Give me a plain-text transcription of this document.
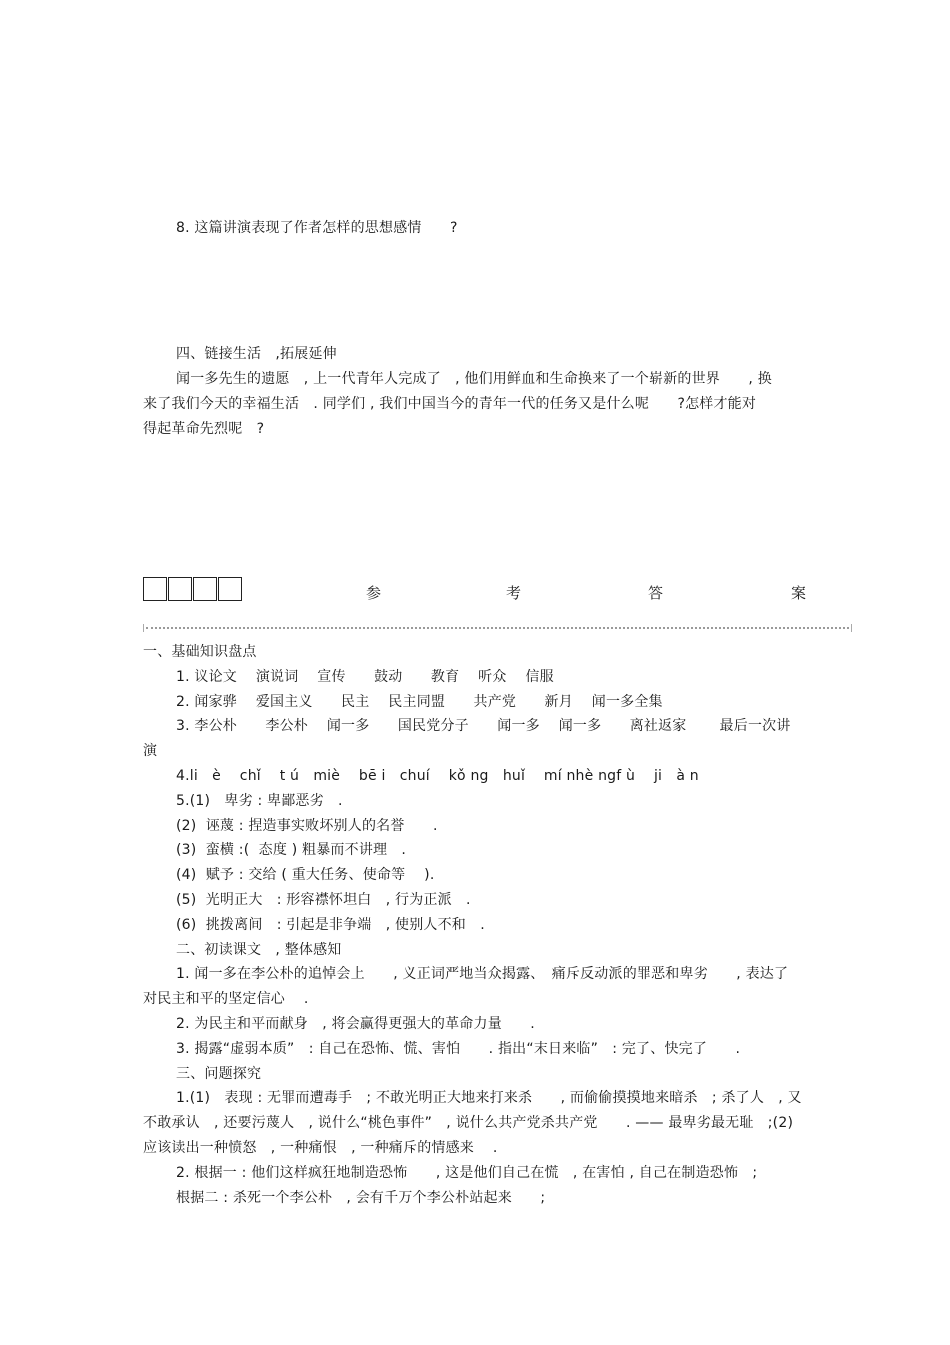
8. 这篇讲演表现了作者怎样的思想感情　　?
四、链接生活　,拓展延伸
闻一多先生的遗愿　, 上一代青年人完成了　, 他们用鲜血和生命换来了一个崭新的世界　　, 换
来了我们今天的幸福生活　. 同学们 , 我们中国当今的青年一代的任务又是什么呢　　?怎样才能对
得起革命先烈呢　?
参	考	答	案
一、基础知识盘点
1. 议论文　 演说词　 宣传　　鼓动　　教育　 听众　 信服
2. 闻家骅　 爱国主义　　民主　 民主同盟　　共产党　　新月　 闻一多全集
3. 李公朴　　李公朴　 闻一多　　国民党分子　　闻一多　 闻一多　　离社返家　　 最后一次讲
演
4.li　è　 chǐ　 t ú　miè　 bē i　chuí　 kǒ ng　huǐ　 mí nhè ngf ù　 ji　à n
5.(1)　卑劣 : 卑鄙恶劣　.
(2)  诬蔑 : 捏造事实败坏别人的名誉　　.
(3)  蛮横 :(  态度 ) 粗暴而不讲理　.
(4)  赋予 : 交给 ( 重大任务、使命等　 ).
(5)  光明正大　: 形容襟怀坦白　, 行为正派　.
(6)  挑拨离间　: 引起是非争端　, 使别人不和　.
二、初读课文　, 整体感知
1. 闻一多在李公朴的追悼会上　　, 义正词严地当众揭露、　痛斥反动派的罪恶和卑劣　　, 表达了
对民主和平的坚定信心　 .
2. 为民主和平而献身　, 将会赢得更强大的革命力量　　.
3. 揭露“虚弱本质”　: 自己在恐怖、慌、害怕　　. 指出“末日来临”　: 完了、快完了　　.
三、问题探究
1.(1)　表现 : 无罪而遭毒手　; 不敢光明正大地来打来杀　　, 而偷偷摸摸地来暗杀　; 杀了人　, 又
不敢承认　, 还要污蔑人　, 说什么“桃色事件”　, 说什么共产党杀共产党　　. —— 最卑劣最无耻　;(2)
应该读出一种愤怒　, 一种痛恨　, 一种痛斥的情感来　 .
2. 根据一 : 他们这样疯狂地制造恐怖　　, 这是他们自己在慌　, 在害怕 , 自己在制造恐怖　;
根据二 : 杀死一个李公朴　, 会有千万个李公朴站起来　　;
